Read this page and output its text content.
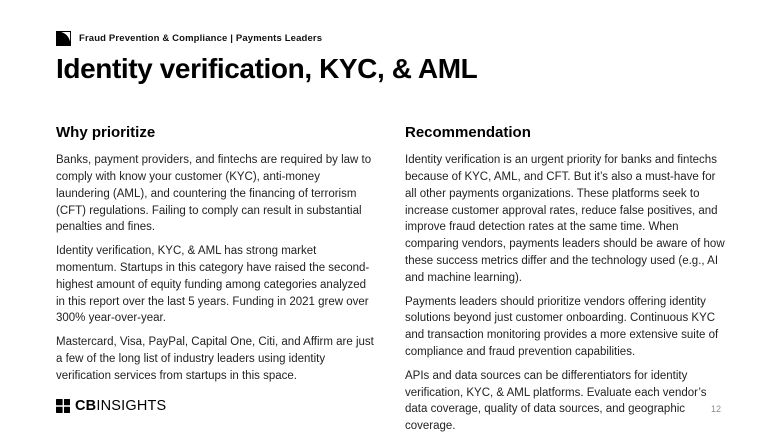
Fraud Prevention & Compliance | Payments Leaders
Identity verification, KYC, & AML
Why prioritize

Banks, payment providers, and fintechs are required by law to comply with know your customer (KYC), anti-money laundering (AML), and countering the financing of terrorism (CFT) regulations. Failing to comply can result in substantial penalties and fines.

Identity verification, KYC, & AML has strong market momentum. Startups in this category have raised the second-highest amount of equity funding among categories analyzed in this report over the last 5 years. Funding in 2021 grew over 300% year-over-year.

Mastercard, Visa, PayPal, Capital One, Citi, and Affirm are just a few of the long list of industry leaders using identity verification services from startups in this space.

Recommendation

Identity verification is an urgent priority for banks and fintechs because of KYC, AML, and CFT. But it’s also a must-have for all other payments organizations. These platforms seek to increase customer approval rates, reduce false positives, and improve fraud detection rates at the same time. When comparing vendors, payments leaders should be aware of how these success metrics differ and the technology used (e.g., AI and machine learning).

Payments leaders should prioritize vendors offering identity solutions beyond just customer onboarding. Continuous KYC and transaction monitoring provides a more extensive suite of compliance and fraud prevention capabilities.

APIs and data sources can be differentiators for identity verification, KYC, & AML platforms. Evaluate each vendor’s data coverage, quality of data sources, and geographic coverage.

CBINSIGHTS	12
